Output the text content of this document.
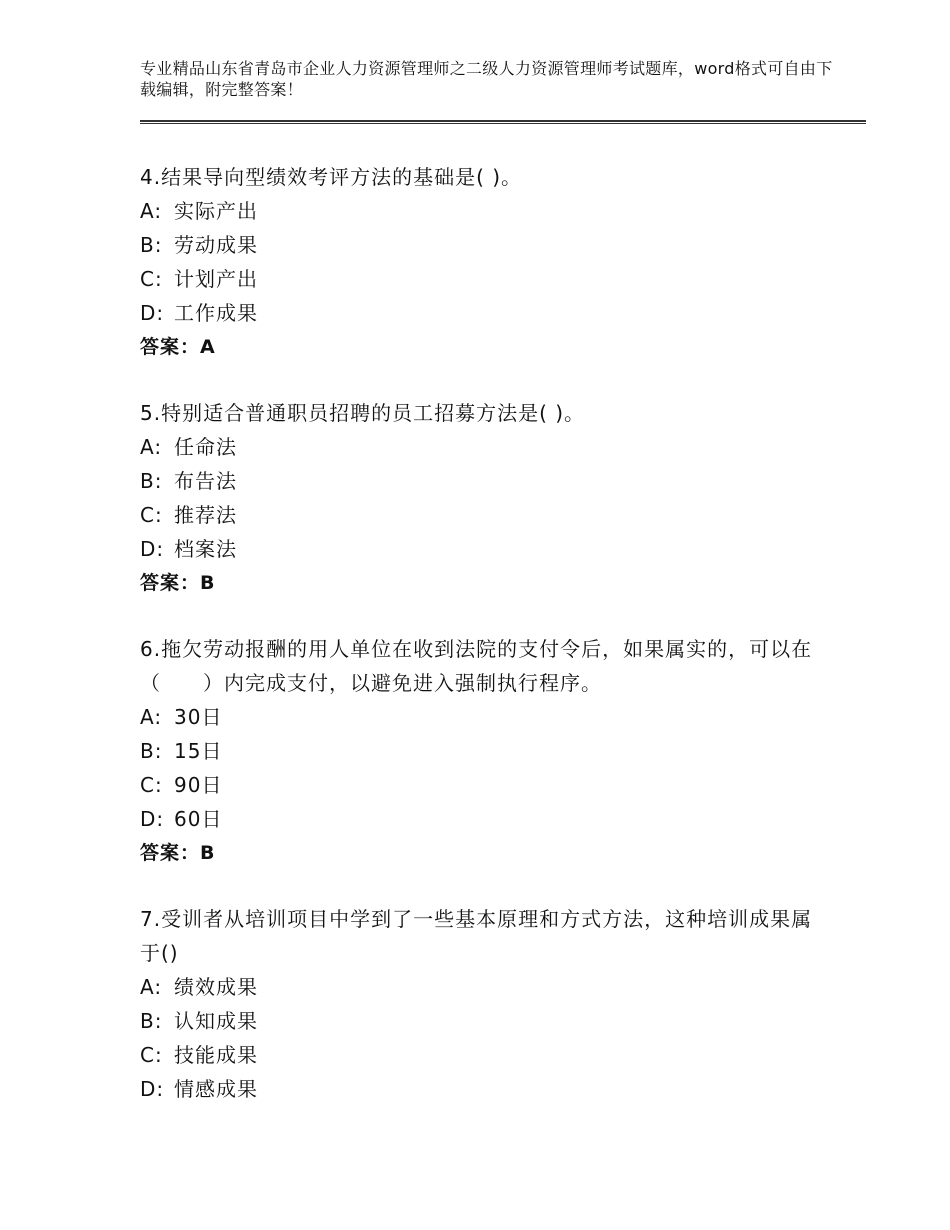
专业精品山东省青岛市企业人力资源管理师之二级人力资源管理师考试题库，word格式可自由下载编辑，附完整答案！
4.结果导向型绩效考评方法的基础是( )。
A: 实际产出
B: 劳动成果
C: 计划产出
D: 工作成果
答案：A
5.特别适合普通职员招聘的员工招募方法是( )。
A: 任命法
B: 布告法
C: 推荐法
D: 档案法
答案：B
6.拖欠劳动报酬的用人单位在收到法院的支付令后，如果属实的，可以在（　　）内完成支付，以避免进入强制执行程序。
A: 30日
B: 15日
C: 90日
D: 60日
答案：B
7.受训者从培训项目中学到了一些基本原理和方式方法，这种培训成果属于()
A: 绩效成果
B: 认知成果
C: 技能成果
D: 情感成果
